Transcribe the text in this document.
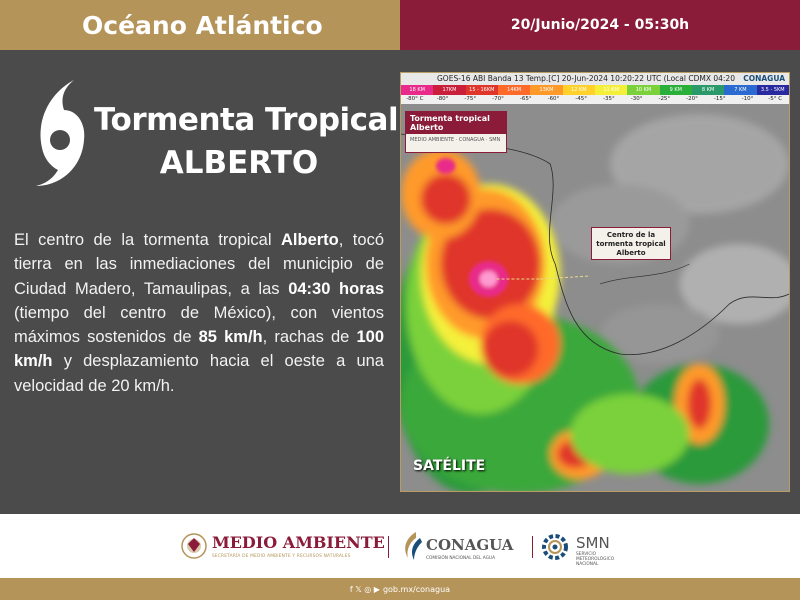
Océano Atlántico	20/Junio/2024 - 05:30h
Tormenta Tropical
ALBERTO

El centro de la tormenta tropical Alberto, tocó tierra en las inmediaciones del municipio de Ciudad Madero, Tamaulipas, a las 04:30 horas (tiempo del centro de México), con vientos máximos sostenidos de 85 km/h, rachas de 100 km/h y desplazamiento hacia el oeste a una velocidad de 20 km/h.

GOES-16 ABI Banda 13 Temp.[C] 20-Jun-2024 10:20:22 UTC (Local CDMX 04:20 CONAGUA
18 KM	17KM	15 - 16KM	14KM	13KM	12 KM	11 KM	10 KM	9 KM	8 KM	7 KM	3.5 - 5KM
-80° C	-80°	-75°	-70°	-65°	-60°	-45°	-35°	-30°	-25°	-20°	-15°	-10°	-5° C
Tormenta tropical Alberto
MEDIO AMBIENTE · CONAGUA · SMN
Centro de la tormenta tropical Alberto
SATÉLITE
MEDIO AMBIENTE
SECRETARÍA DE MEDIO AMBIENTE Y RECURSOS NATURALES
CONAGUA
COMISIÓN NACIONAL DEL AGUA
SMN
SERVICIO METEOROLÓGICO NACIONAL
f 𝕏 ◎ ▶ gob.mx/conagua
